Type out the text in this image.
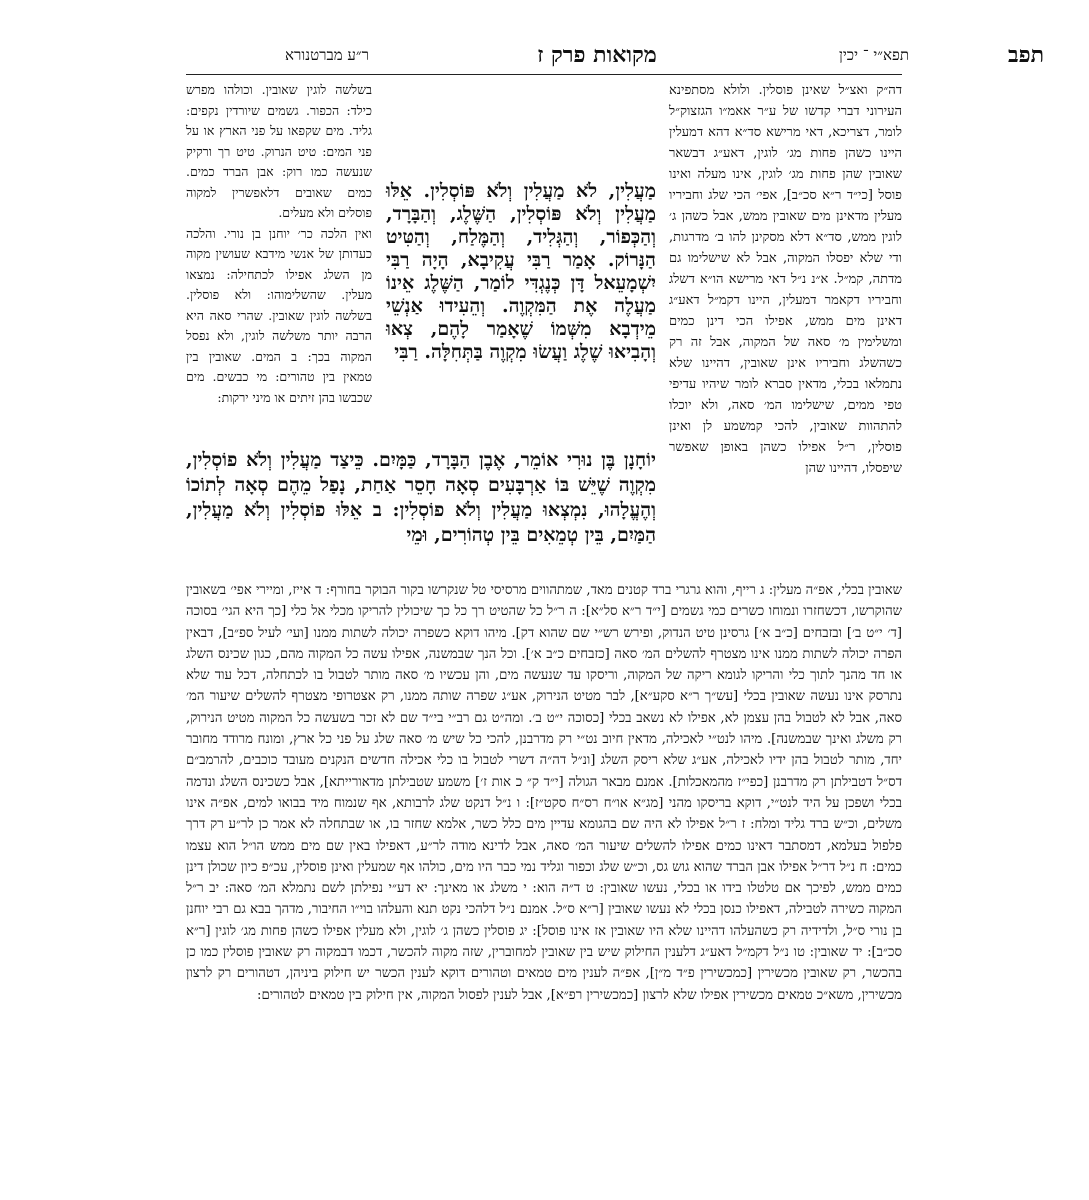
תפב
תפא״י ־ יכין
מקואות פרק ז
ר״ע מברטנורא
דה״ק ואצ״ל שאינן פוסלין. ולולא מסתפינא העירוני דברי קדשו של ע״ר אאמ״ו הגזצוק״ל לומר, דצריכא, דאי מרישא סד״א דהא דמעלין היינו כשהן פחות מג׳ לוגין, דאע״ג דבשאר שאובין שהן פחות מג׳ לוגין, אינו מעלה ואינו פוסל [כי״ד ר״א סכ״ב], אפי׳ הכי שלג וחביריו מעלין מדאינן מים שאובין ממש, אבל כשהן ג׳ לוגין ממש, סד״א דלא מסקינן להו ב׳ מדרגות, ודי שלא יפסלו המקוה, אבל לא שישלימו גם מדתה, קמ״ל. א״נ נ״ל דאי מרישא הו״א דשלג וחביריו דקאמר דמעלין, היינו דקמ״ל דאע״ג דאינן מים ממש, אפילו הכי דינן כמים ומשלימין מ׳ סאה של המקוה, אבל זה רק כשהשלג וחביריו אינן שאובין, דהיינו שלא נתמלאו בכלי, מדאין סברא לומר שיהיו עדיפי טפי ממים, שישלימו המ׳ סאה, ולא יוכלו להתהוות שאובין, להכי קמשמע לן ואינן פוסלין, ר״ל אפילו כשהן באופן שאפשר שיפסלו, דהיינו שהן
בשלשה לוגין שאובין. וכולהו מפרש כילד: הכפור. גשמים שיורדין נקפים: גליד. מים שקפאו על פני הארץ או על פני המים: טיט הנרוק. טיט רך ורקיק שנעשה כמו רוק: אבן הברד כמים. כמים שאובים דלאפשרין למקוה פוסלים ולא מעלים.
ואין הלכה כר׳ יוחנן בן נורי. והלכה כעדותן של אנשי מידבא שעושין מקוה מן השלג אפילו לכתחילה: נמצאו מעלין. שהשלימוהו: ולא פוסלין. בשלשה לוגין שאובין. שהרי סאה היא הרבה יותר משלשה לוגין, ולא נפסל המקוה בכך: ב המים. שאובין בין טמאין בין טהורים: מי כבשים. מים שכבשו בהן זיתים או מיני ירקות:
מַעֲלִין, לֹא מַעֲלִין וְלֹא פּוֹסְלִין. אֵלּוּ מַעֲלִין וְלֹא פּוֹסְלִין, הַשֶּׁלֶג, וְהַבָּרָד, וְהַכְּפוֹר, וְהַגְּלִיד, וְהַמֶּלַח, וְהַטִּיט הַנָּרוֹק. אָמַר רַבִּי עֲקִיבָא, הָיָה רַבִּי יִשְׁמָעֵאל דָּן כְּנֶגְדִּי לוֹמַר, הַשֶּׁלֶג אֵינוֹ מַעֲלֶה אֶת הַמִּקְוֶה. וְהֵעִידוּ אַנְשֵׁי מֵידְבָא מִשְּׁמוֹ שֶׁאָמַר לָהֶם, צְאוּ וְהָבִיאוּ שֶׁלֶג וַעֲשׂוּ מִקְוֶה בַּתְּחִלָּה. רַבִּי
יוֹחָנָן בֶּן נוּרִי אוֹמֵר, אֶבֶן הַבָּרָד, כַּמָּיִם. כֵּיצַד מַעֲלִין וְלֹא פוֹסְלִין, מִקְוֶה שֶׁיֵּשׁ בּוֹ אַרְבָּעִים סְאָה חָסֵר אַחַת, נָפַל מֵהֶם סְאָה לְתוֹכוֹ וְהֶעֱלָהוּ, נִמְצְאוּ מַעֲלִין וְלֹא פוֹסְלִין: ב אֵלּוּ פוֹסְלִין וְלֹא מַעֲלִין, הַמַּיִם, בֵּין טְמֵאִים בֵּין טְהוֹרִים, וּמֵי
שאובין בכלי, אפ״ה מעלין: ג רייף, והוא גרגרי ברד קטנים מאד, שמתהווים מרסיסי טל שנקרשו בקור הבוקר בחורף: ד אייז, ומיירי אפי׳ בשאובין שהוקרשו, דכשחזרו ונמוחו כשרים כמי גשמים [י״ד ר״א סל״א]: ה ר״ל כל שהטיט רך כל כך שיכולין להריקו מכלי אל כלי [כך היא הגי׳ בסוכה [ד׳ י״ט ב׳] ובזבחים [כ״ב א׳] גרסינן טיט הנדוק, ופירש רש״י שם שהוא דק]. מיהו דוקא כשפרה יכולה לשתות ממנו [ועי׳ לעיל ספ״ב], דבאין הפרה יכולה לשתות ממנו אינו מצטרף להשלים המ׳ סאה [כזבחים כ״ב א׳]. וכל הנך שבמשנה, אפילו עשה כל המקוה מהם, כגון שכינס השלג או חד מהנך לתוך כלי והריקו לגומא ריקה של המקוה, וריסקו עד שנעשה מים, והן עכשיו מ׳ סאה מותר לטבול בו לכתחלה, דכל עוד שלא נתרסק אינו נעשה שאובין בכלי [עש״ך ר״א סקע״א], לבר מטיט הנירוק, אע״ג שפרה שותה ממנו, רק אצטרופי מצטרף להשלים שיעור המ׳ סאה, אבל לא לטבול בהן עצמן לא, אפילו לא נשאב בכלי [כסוכה י״ט ב׳. ומה״ט גם רב״י בי״ד שם לא זכר בשעשה כל המקוה מטיט הנירוק, רק משלג ואינך שבמשנה]. מיהו לנט״י לאכילה, מדאין חיוב נט״י רק מדרבנן, להכי כל שיש מ׳ סאה שלג על פני כל ארץ, ומונח מרודד מחובר יחד, מותר לטבול בהן ידיו לאכילה, אע״ג שלא ריסק השלג [ונ״ל דה״ה דשרי לטבול בו כלי אכילה חדשים הנקנים מעובד כוכבים, להרמב״ם דס״ל דטבילתן רק מדרבנן [כפי״ז מהמאכלות]. אמנם מבאר הגולה [י״ד ק״ כ אות ז׳] משמע שטבילתן מדאורייתא], אבל כשכינס השלג ונדמה בכלי ושפכן על היד לנט״י, דוקא בריסקו מהני [מג״א או״ח רס״ח סקט״ז]: ו נ״ל דנקט שלג לרבותא, אף שנמוח מיד בבואו למים, אפ״ה אינו משלים, וכ״ש ברד גליד ומלח: ז ר״ל אפילו לא היה שם בהגומא עדיין מים כלל כשר, אלמא שחזר בו, או שבתחלה לא אמר כן לר״ע רק דרך פלפול בעלמא, דמסתבר דאינו כמים אפילו להשלים שיעור המ׳ סאה, אבל לדינא מודה לר״ע, דאפילו באין שם מים ממש הו״ל הוא עצמו כמים: ח נ״ל דר״ל אפילו אבן הברד שהוא גוש גס, וכ״ש שלג וכפור וגליד נמי כבר היו מים, כולהו אף שמעלין ואינן פוסלין, עכ״פ כיון שכולן דינן כמים ממש, לפיכך אם טלטלו בידו או בכלי, נעשו שאובין: ט ד״ה הוא: י משלג או מאינך: יא דע״י נפילתן לשם נתמלא המ׳ סאה: יב ר״ל המקוה כשירה לטבילה, דאפילו כנסן בכלי לא נעשו שאובין [ר״א ס״ל. אמנם נ״ל דלהכי נקט תנא והעלהו בוי״ו החיבור, מדהך בבא גם רבי יוחנן בן נורי ס״ל, ולדידיה רק כשהעלהו דהיינו שלא היו שאובין אז אינו פוסל]: יג פוסלין כשהן ג׳ לוגין, ולא מעלין אפילו כשהן פחות מג׳ לוגין [ר״א סכ״ב]: יד שאובין: טו נ״ל דקמ״ל דאע״ג דלענין החילוק שיש בין שאובין למחוברין, שזה מקוה להכשר, דכמו דבמקוה רק שאובין פוסלין כמו כן בהכשר, רק שאובין מכשירין [כמכשירין פ״ד מ״ן], אפ״ה לענין מים טמאים וטהורים דוקא לענין הכשר יש חילוק ביניהן, דטהורים רק לרצון מכשירין, משא״כ טמאים מכשירין אפילו שלא לרצון [כמכשירין רפ״א], אבל לענין לפסול המקוה, אין חילוק בין טמאים לטהורים:
